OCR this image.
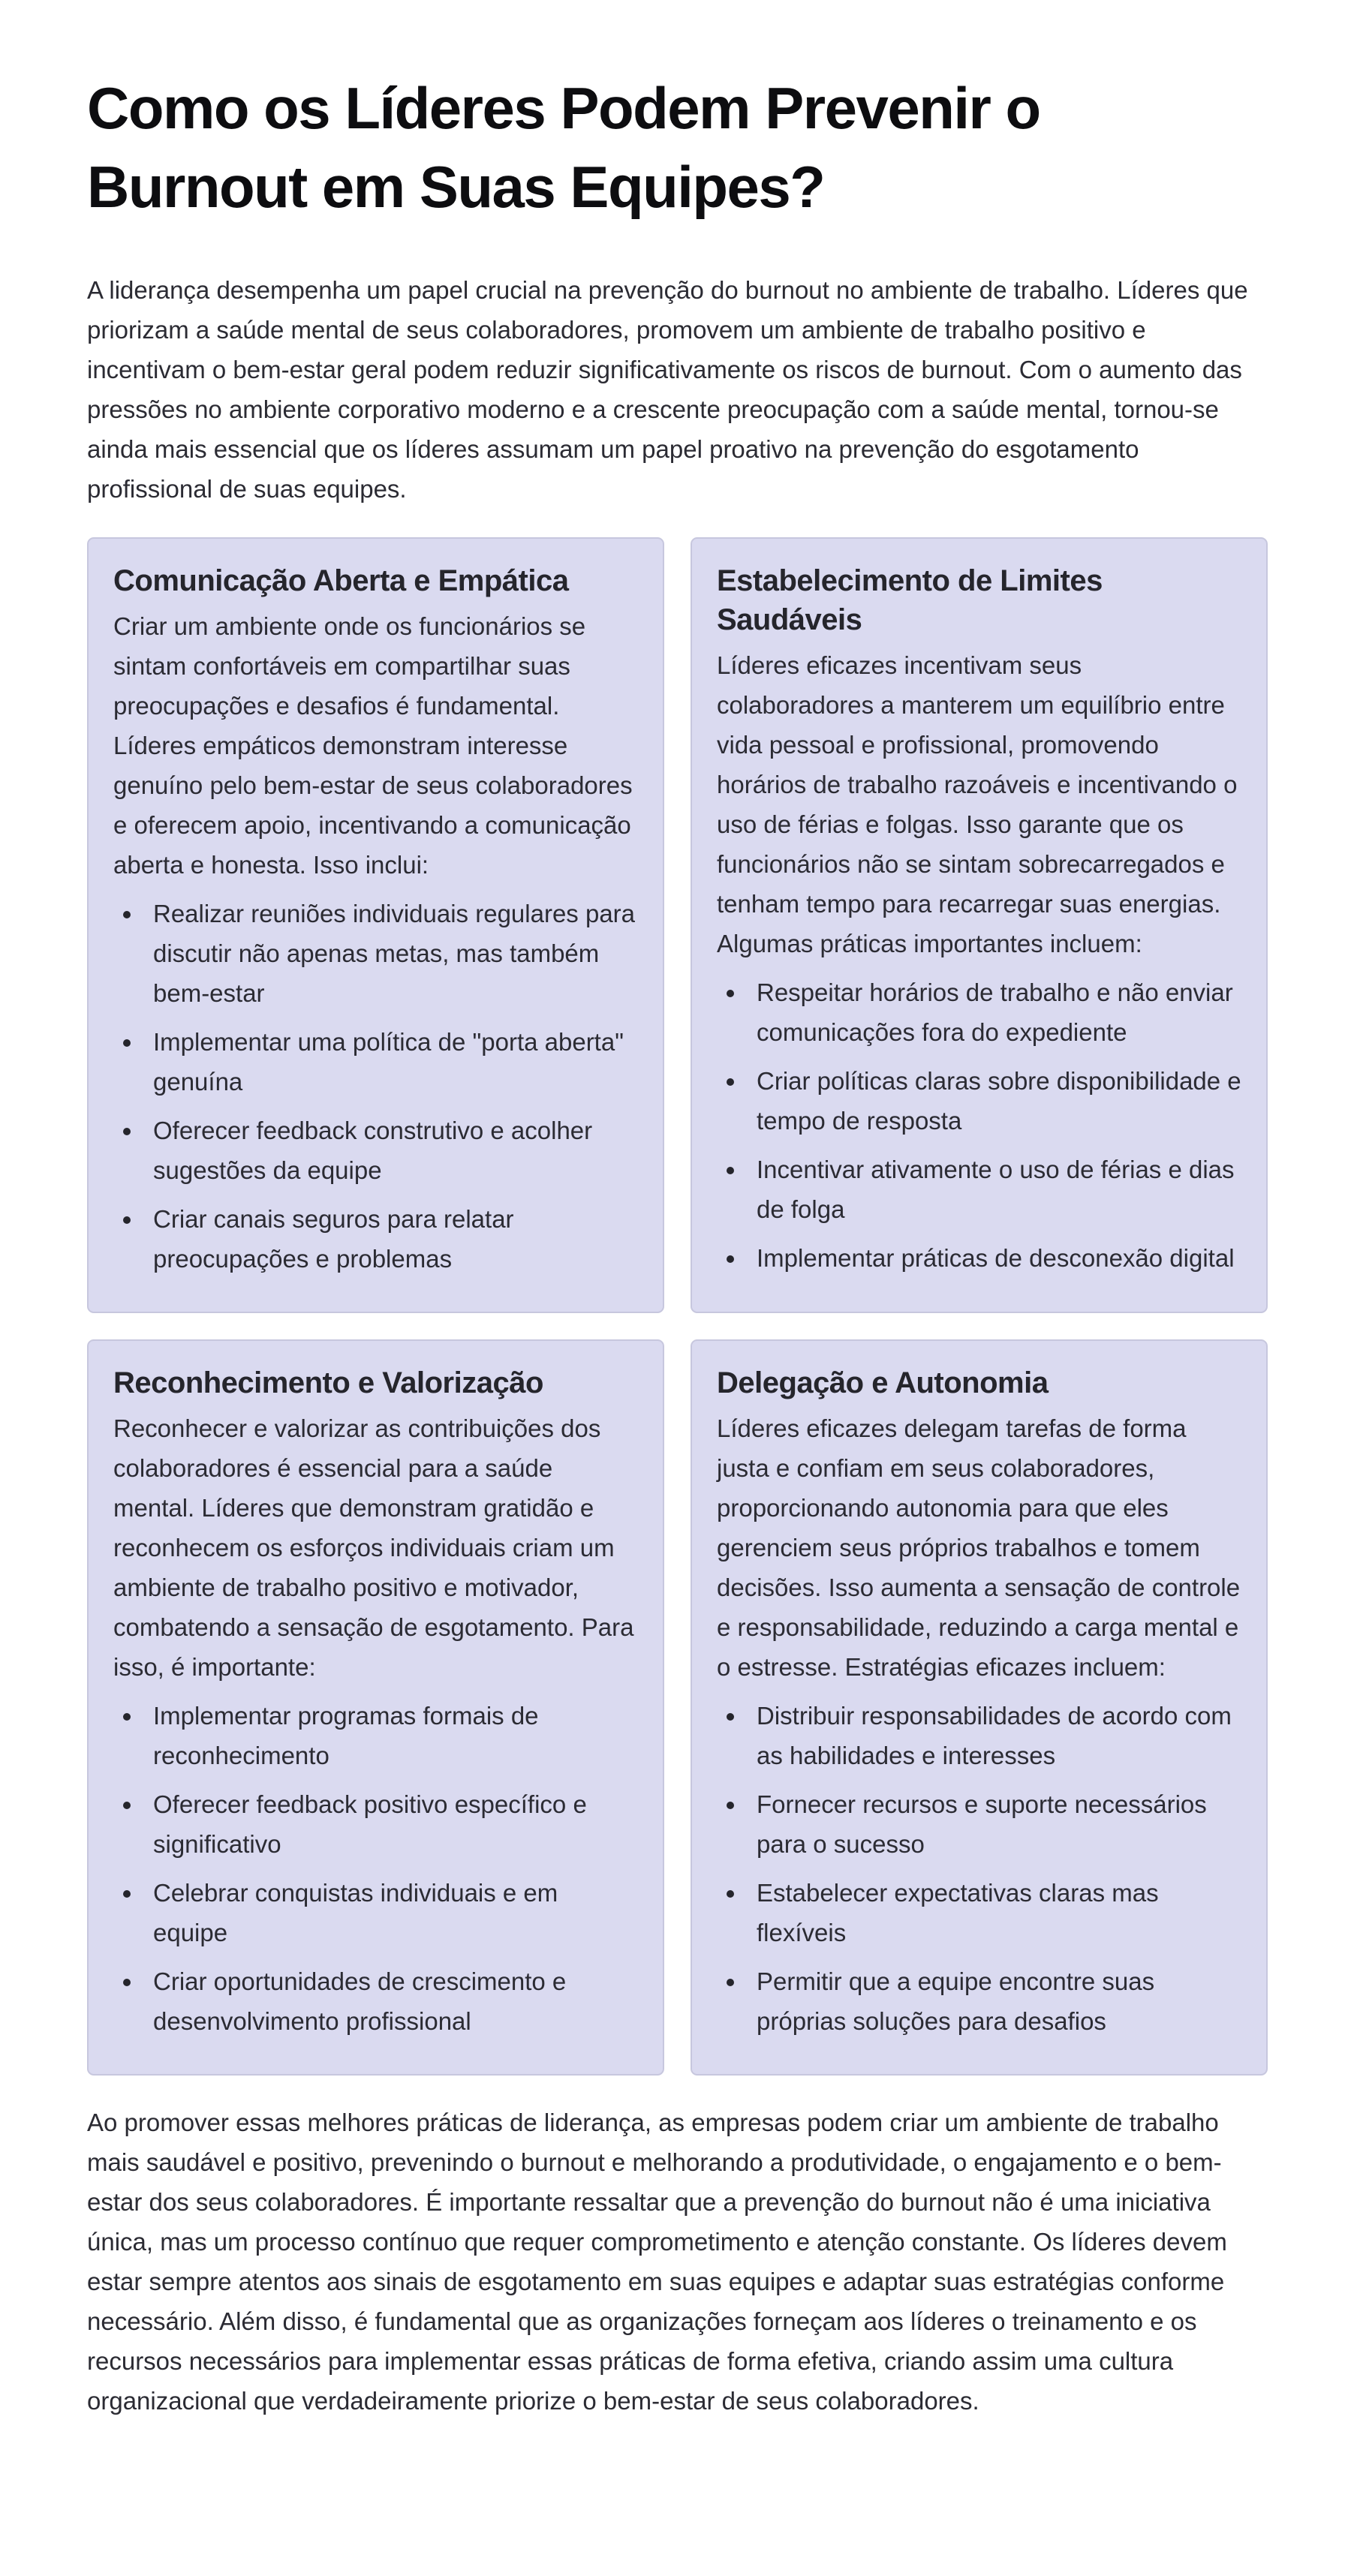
Como os Líderes Podem Prevenir o Burnout em Suas Equipes?

A liderança desempenha um papel crucial na prevenção do burnout no ambiente de trabalho. Líderes que priorizam a saúde mental de seus colaboradores, promovem um ambiente de trabalho positivo e incentivam o bem-estar geral podem reduzir significativamente os riscos de burnout. Com o aumento das pressões no ambiente corporativo moderno e a crescente preocupação com a saúde mental, tornou-se ainda mais essencial que os líderes assumam um papel proativo na prevenção do esgotamento profissional de suas equipes.

Comunicação Aberta e Empática

Criar um ambiente onde os funcionários se sintam confortáveis em compartilhar suas preocupações e desafios é fundamental. Líderes empáticos demonstram interesse genuíno pelo bem-estar de seus colaboradores e oferecem apoio, incentivando a comunicação aberta e honesta. Isso inclui:

Realizar reuniões individuais regulares para discutir não apenas metas, mas também bem-estar
Implementar uma política de "porta aberta" genuína
Oferecer feedback construtivo e acolher sugestões da equipe
Criar canais seguros para relatar preocupações e problemas
Estabelecimento de Limites Saudáveis

Líderes eficazes incentivam seus colaboradores a manterem um equilíbrio entre vida pessoal e profissional, promovendo horários de trabalho razoáveis e incentivando o uso de férias e folgas. Isso garante que os funcionários não se sintam sobrecarregados e tenham tempo para recarregar suas energias. Algumas práticas importantes incluem:

Respeitar horários de trabalho e não enviar comunicações fora do expediente
Criar políticas claras sobre disponibilidade e tempo de resposta
Incentivar ativamente o uso de férias e dias de folga
Implementar práticas de desconexão digital
Reconhecimento e Valorização

Reconhecer e valorizar as contribuições dos colaboradores é essencial para a saúde mental. Líderes que demonstram gratidão e reconhecem os esforços individuais criam um ambiente de trabalho positivo e motivador, combatendo a sensação de esgotamento. Para isso, é importante:

Implementar programas formais de reconhecimento
Oferecer feedback positivo específico e significativo
Celebrar conquistas individuais e em equipe
Criar oportunidades de crescimento e desenvolvimento profissional
Delegação e Autonomia

Líderes eficazes delegam tarefas de forma justa e confiam em seus colaboradores, proporcionando autonomia para que eles gerenciem seus próprios trabalhos e tomem decisões. Isso aumenta a sensação de controle e responsabilidade, reduzindo a carga mental e o estresse. Estratégias eficazes incluem:

Distribuir responsabilidades de acordo com as habilidades e interesses
Fornecer recursos e suporte necessários para o sucesso
Estabelecer expectativas claras mas flexíveis
Permitir que a equipe encontre suas próprias soluções para desafios

Ao promover essas melhores práticas de liderança, as empresas podem criar um ambiente de trabalho mais saudável e positivo, prevenindo o burnout e melhorando a produtividade, o engajamento e o bem-estar dos seus colaboradores. É importante ressaltar que a prevenção do burnout não é uma iniciativa única, mas um processo contínuo que requer comprometimento e atenção constante. Os líderes devem estar sempre atentos aos sinais de esgotamento em suas equipes e adaptar suas estratégias conforme necessário. Além disso, é fundamental que as organizações forneçam aos líderes o treinamento e os recursos necessários para implementar essas práticas de forma efetiva, criando assim uma cultura organizacional que verdadeiramente priorize o bem-estar de seus colaboradores.
